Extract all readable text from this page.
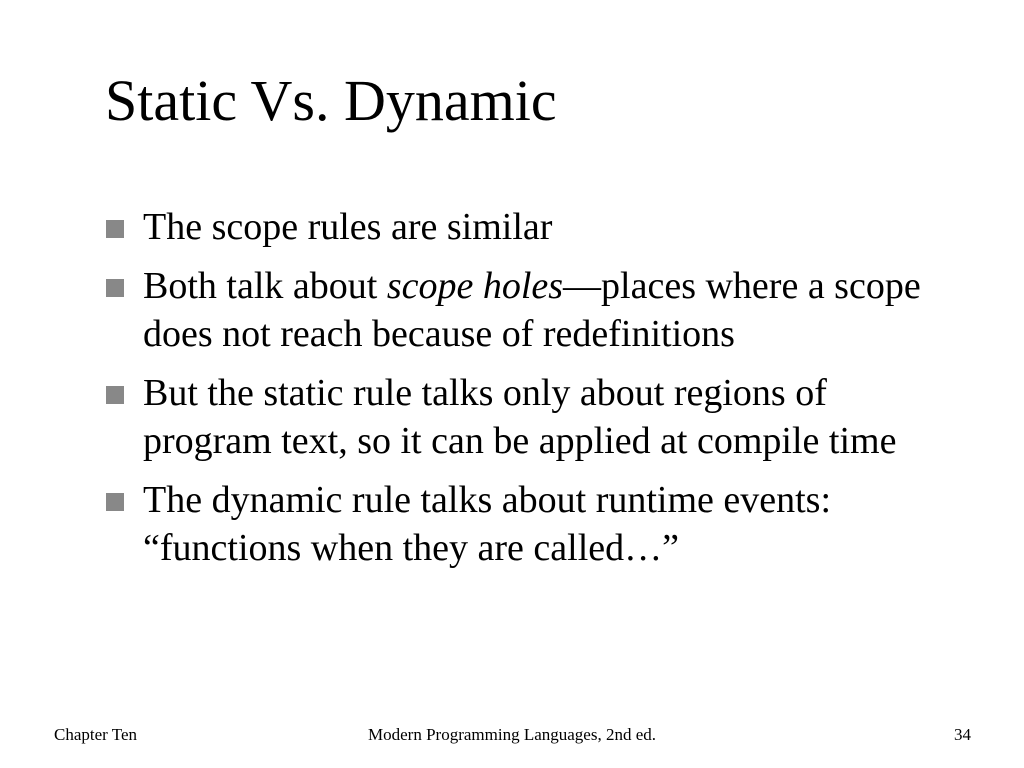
Static Vs. Dynamic
The scope rules are similar
Both talk about scope holes—places where a scope does not reach because of redefinitions
But the static rule talks only about regions of program text, so it can be applied at compile time
The dynamic rule talks about runtime events: “functions when they are called…”
Chapter Ten	Modern Programming Languages, 2nd ed.	34
